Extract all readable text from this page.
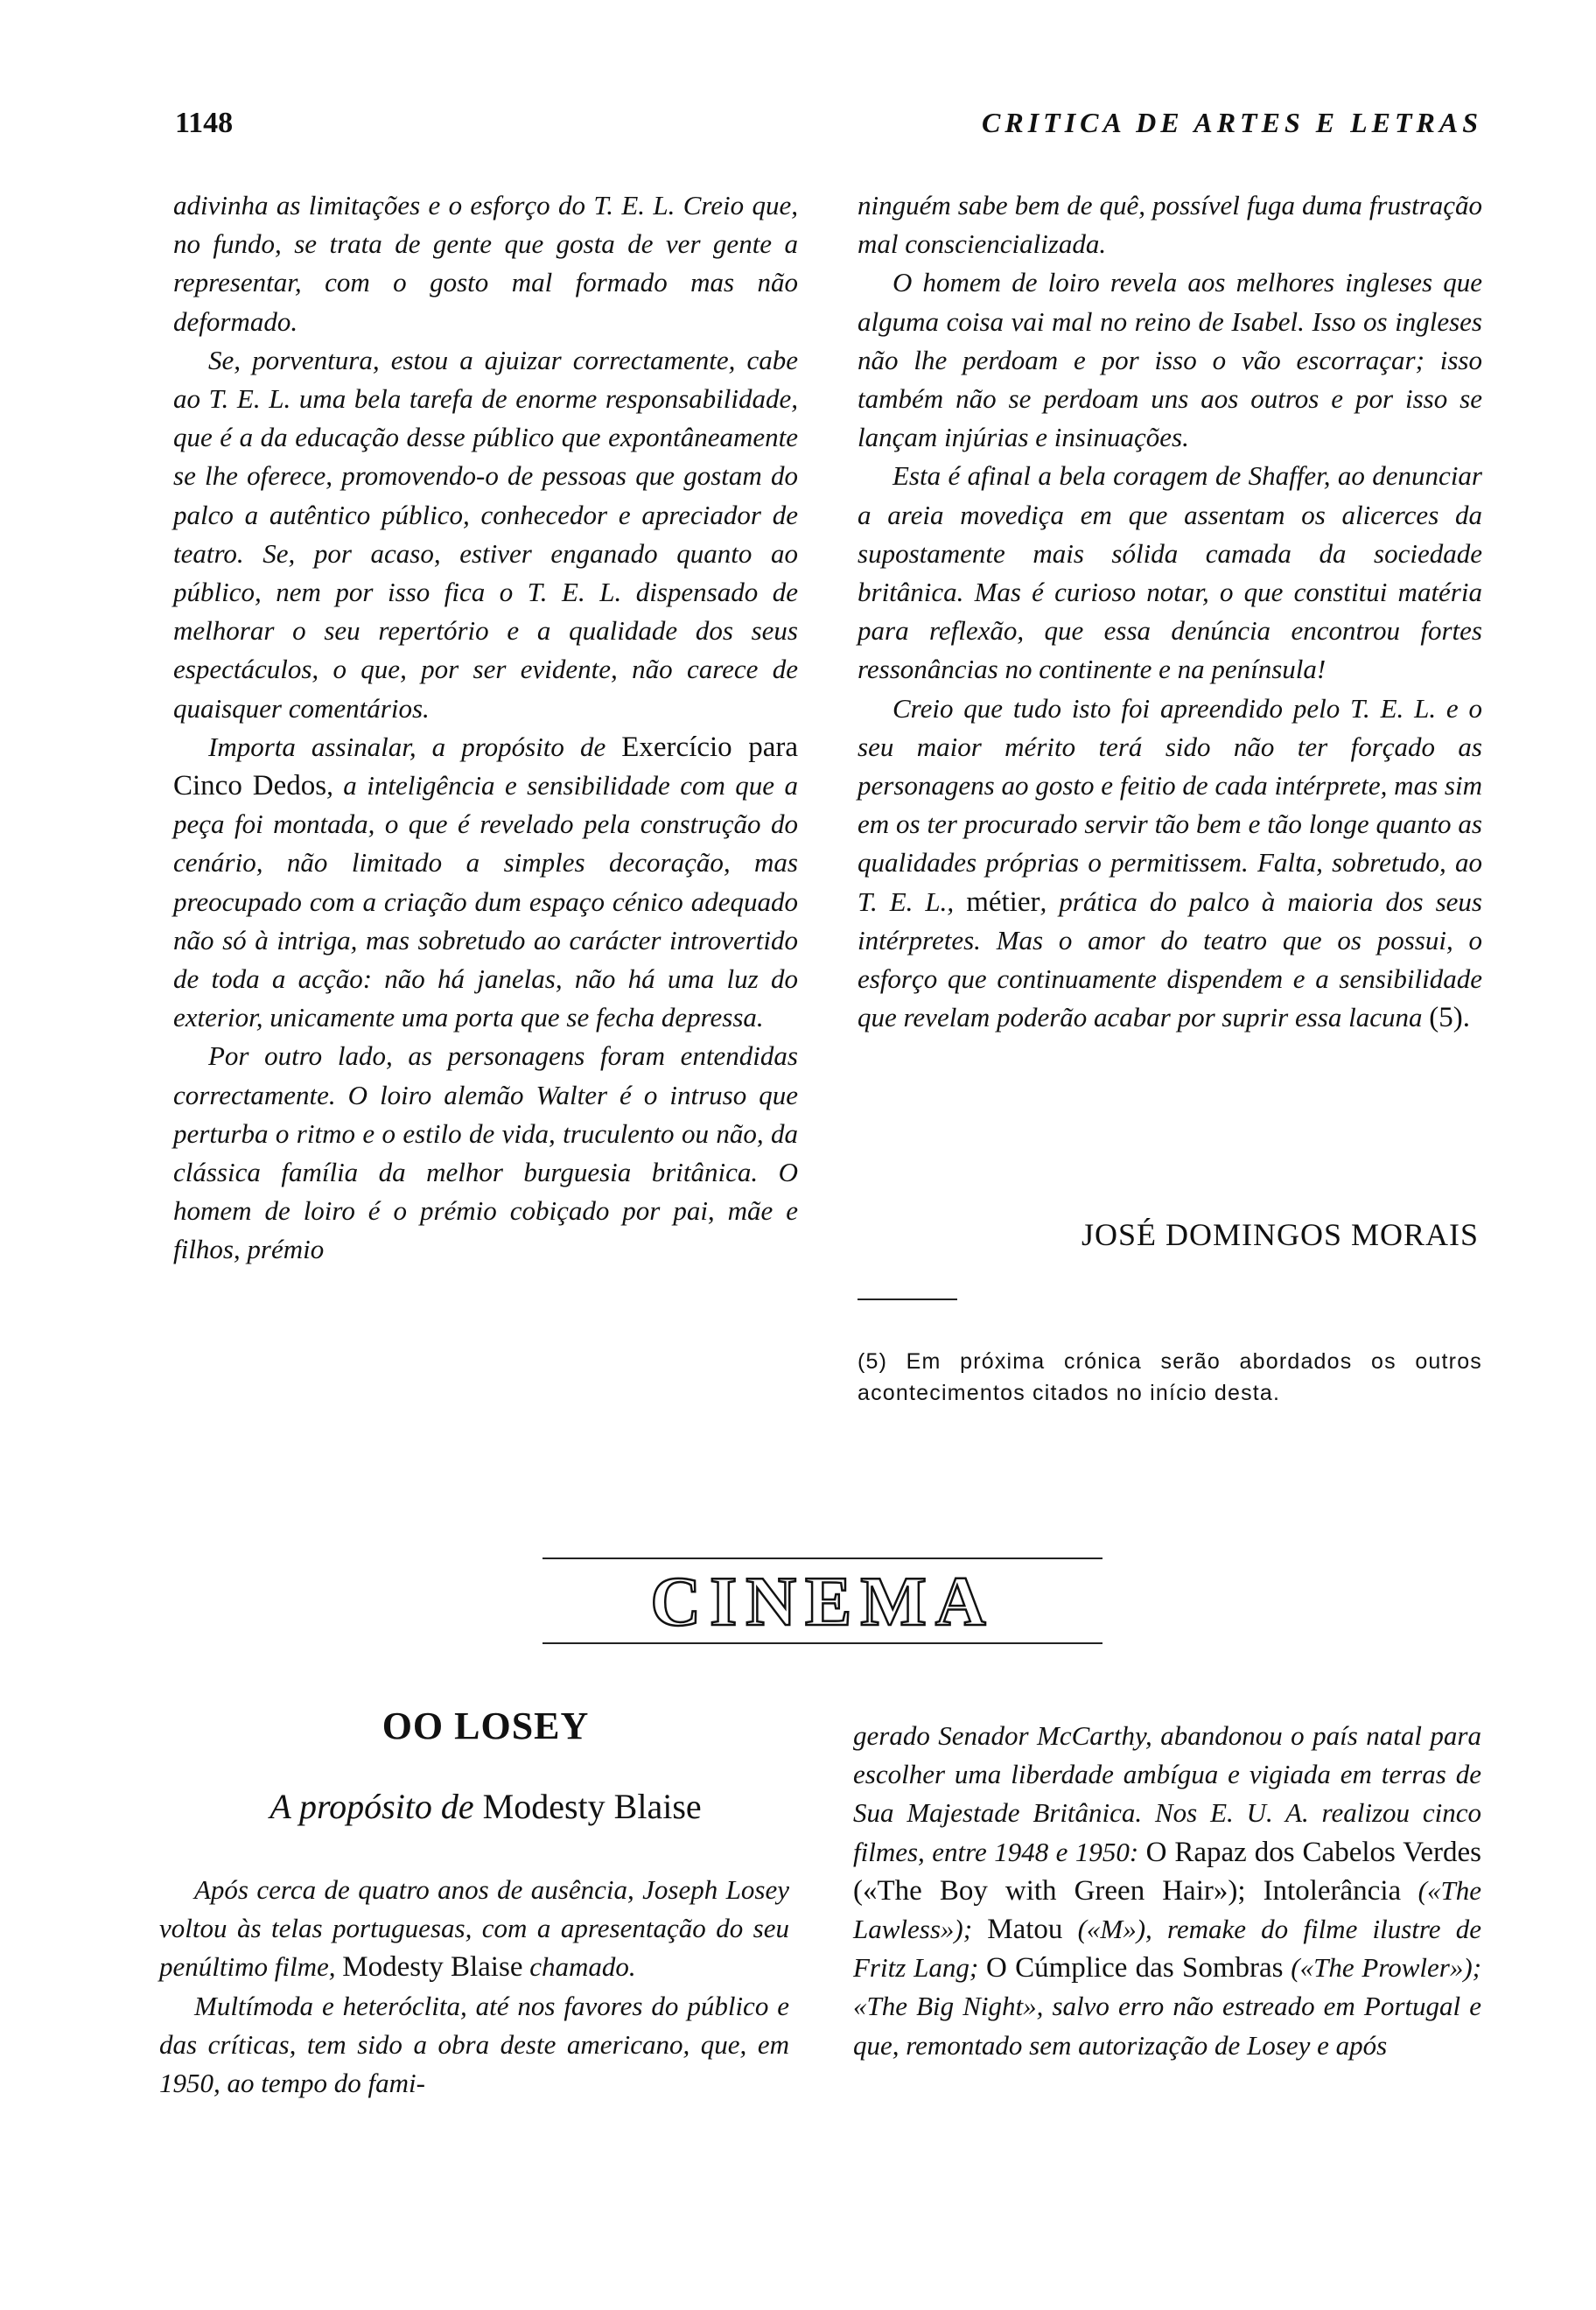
1148	CRITICA DE ARTES E LETRAS

adivinha as limitações e o esforço do T. E. L. Creio que, no fundo, se trata de gente que gosta de ver gente a representar, com o gosto mal formado mas não deformado.

Se, porventura, estou a ajuizar correctamente, cabe ao T. E. L. uma bela tarefa de enorme responsabilidade, que é a da educação desse público que expontâneamente se lhe oferece, promovendo-o de pessoas que gostam do palco a autêntico público, conhecedor e apreciador de teatro. Se, por acaso, estiver enganado quanto ao público, nem por isso fica o T. E. L. dispensado de melhorar o seu repertório e a qualidade dos seus espectáculos, o que, por ser evidente, não carece de quaisquer comentários.

Importa assinalar, a propósito de Exercício para Cinco Dedos, a inteligência e sensibilidade com que a peça foi montada, o que é revelado pela construção do cenário, não limitado a simples decoração, mas preocupado com a criação dum espaço cénico adequado não só à intriga, mas sobretudo ao carácter introvertido de toda a acção: não há janelas, não há uma luz do exterior, unicamente uma porta que se fecha depressa.

Por outro lado, as personagens foram entendidas correctamente. O loiro alemão Walter é o intruso que perturba o ritmo e o estilo de vida, truculento ou não, da clássica família da melhor burguesia britânica. O homem de loiro é o prémio cobiçado por pai, mãe e filhos, prémio

ninguém sabe bem de quê, possível fuga duma frustração mal consciencializada.

O homem de loiro revela aos melhores ingleses que alguma coisa vai mal no reino de Isabel. Isso os ingleses não lhe perdoam e por isso o vão escorraçar; isso também não se perdoam uns aos outros e por isso se lançam injúrias e insinuações.

Esta é afinal a bela coragem de Shaffer, ao denunciar a areia movediça em que assentam os alicerces da supostamente mais sólida camada da sociedade britânica. Mas é curioso notar, o que constitui matéria para reflexão, que essa denúncia encontrou fortes ressonâncias no continente e na península!

Creio que tudo isto foi apreendido pelo T. E. L. e o seu maior mérito terá sido não ter forçado as personagens ao gosto e feitio de cada intérprete, mas sim em os ter procurado servir tão bem e tão longe quanto as qualidades próprias o permitissem. Falta, sobretudo, ao T. E. L., métier, prática do palco à maioria dos seus intérpretes. Mas o amor do teatro que os possui, o esforço que continuamente dispendem e a sensibilidade que revelam poderão acabar por suprir essa lacuna (5).

JOSÉ DOMINGOS MORAIS
(5) Em próxima crónica serão abordados os outros acontecimentos citados no início desta.
CINEMA
OO LOSEY
A propósito de Modesty Blaise

Após cerca de quatro anos de ausência, Joseph Losey voltou às telas portuguesas, com a apresentação do seu penúltimo filme, Modesty Blaise chamado.

Multímoda e heteróclita, até nos favores do público e das críticas, tem sido a obra deste americano, que, em 1950, ao tempo do fami-

gerado Senador McCarthy, abandonou o país natal para escolher uma liberdade ambígua e vigiada em terras de Sua Majestade Britânica. Nos E. U. A. realizou cinco filmes, entre 1948 e 1950: O Rapaz dos Cabelos Verdes («The Boy with Green Hair»); Intolerância («The Lawless»); Matou («M»), remake do filme ilustre de Fritz Lang; O Cúmplice das Sombras («The Prowler»); «The Big Night», salvo erro não estreado em Portugal e que, remontado sem autorização de Losey e após
